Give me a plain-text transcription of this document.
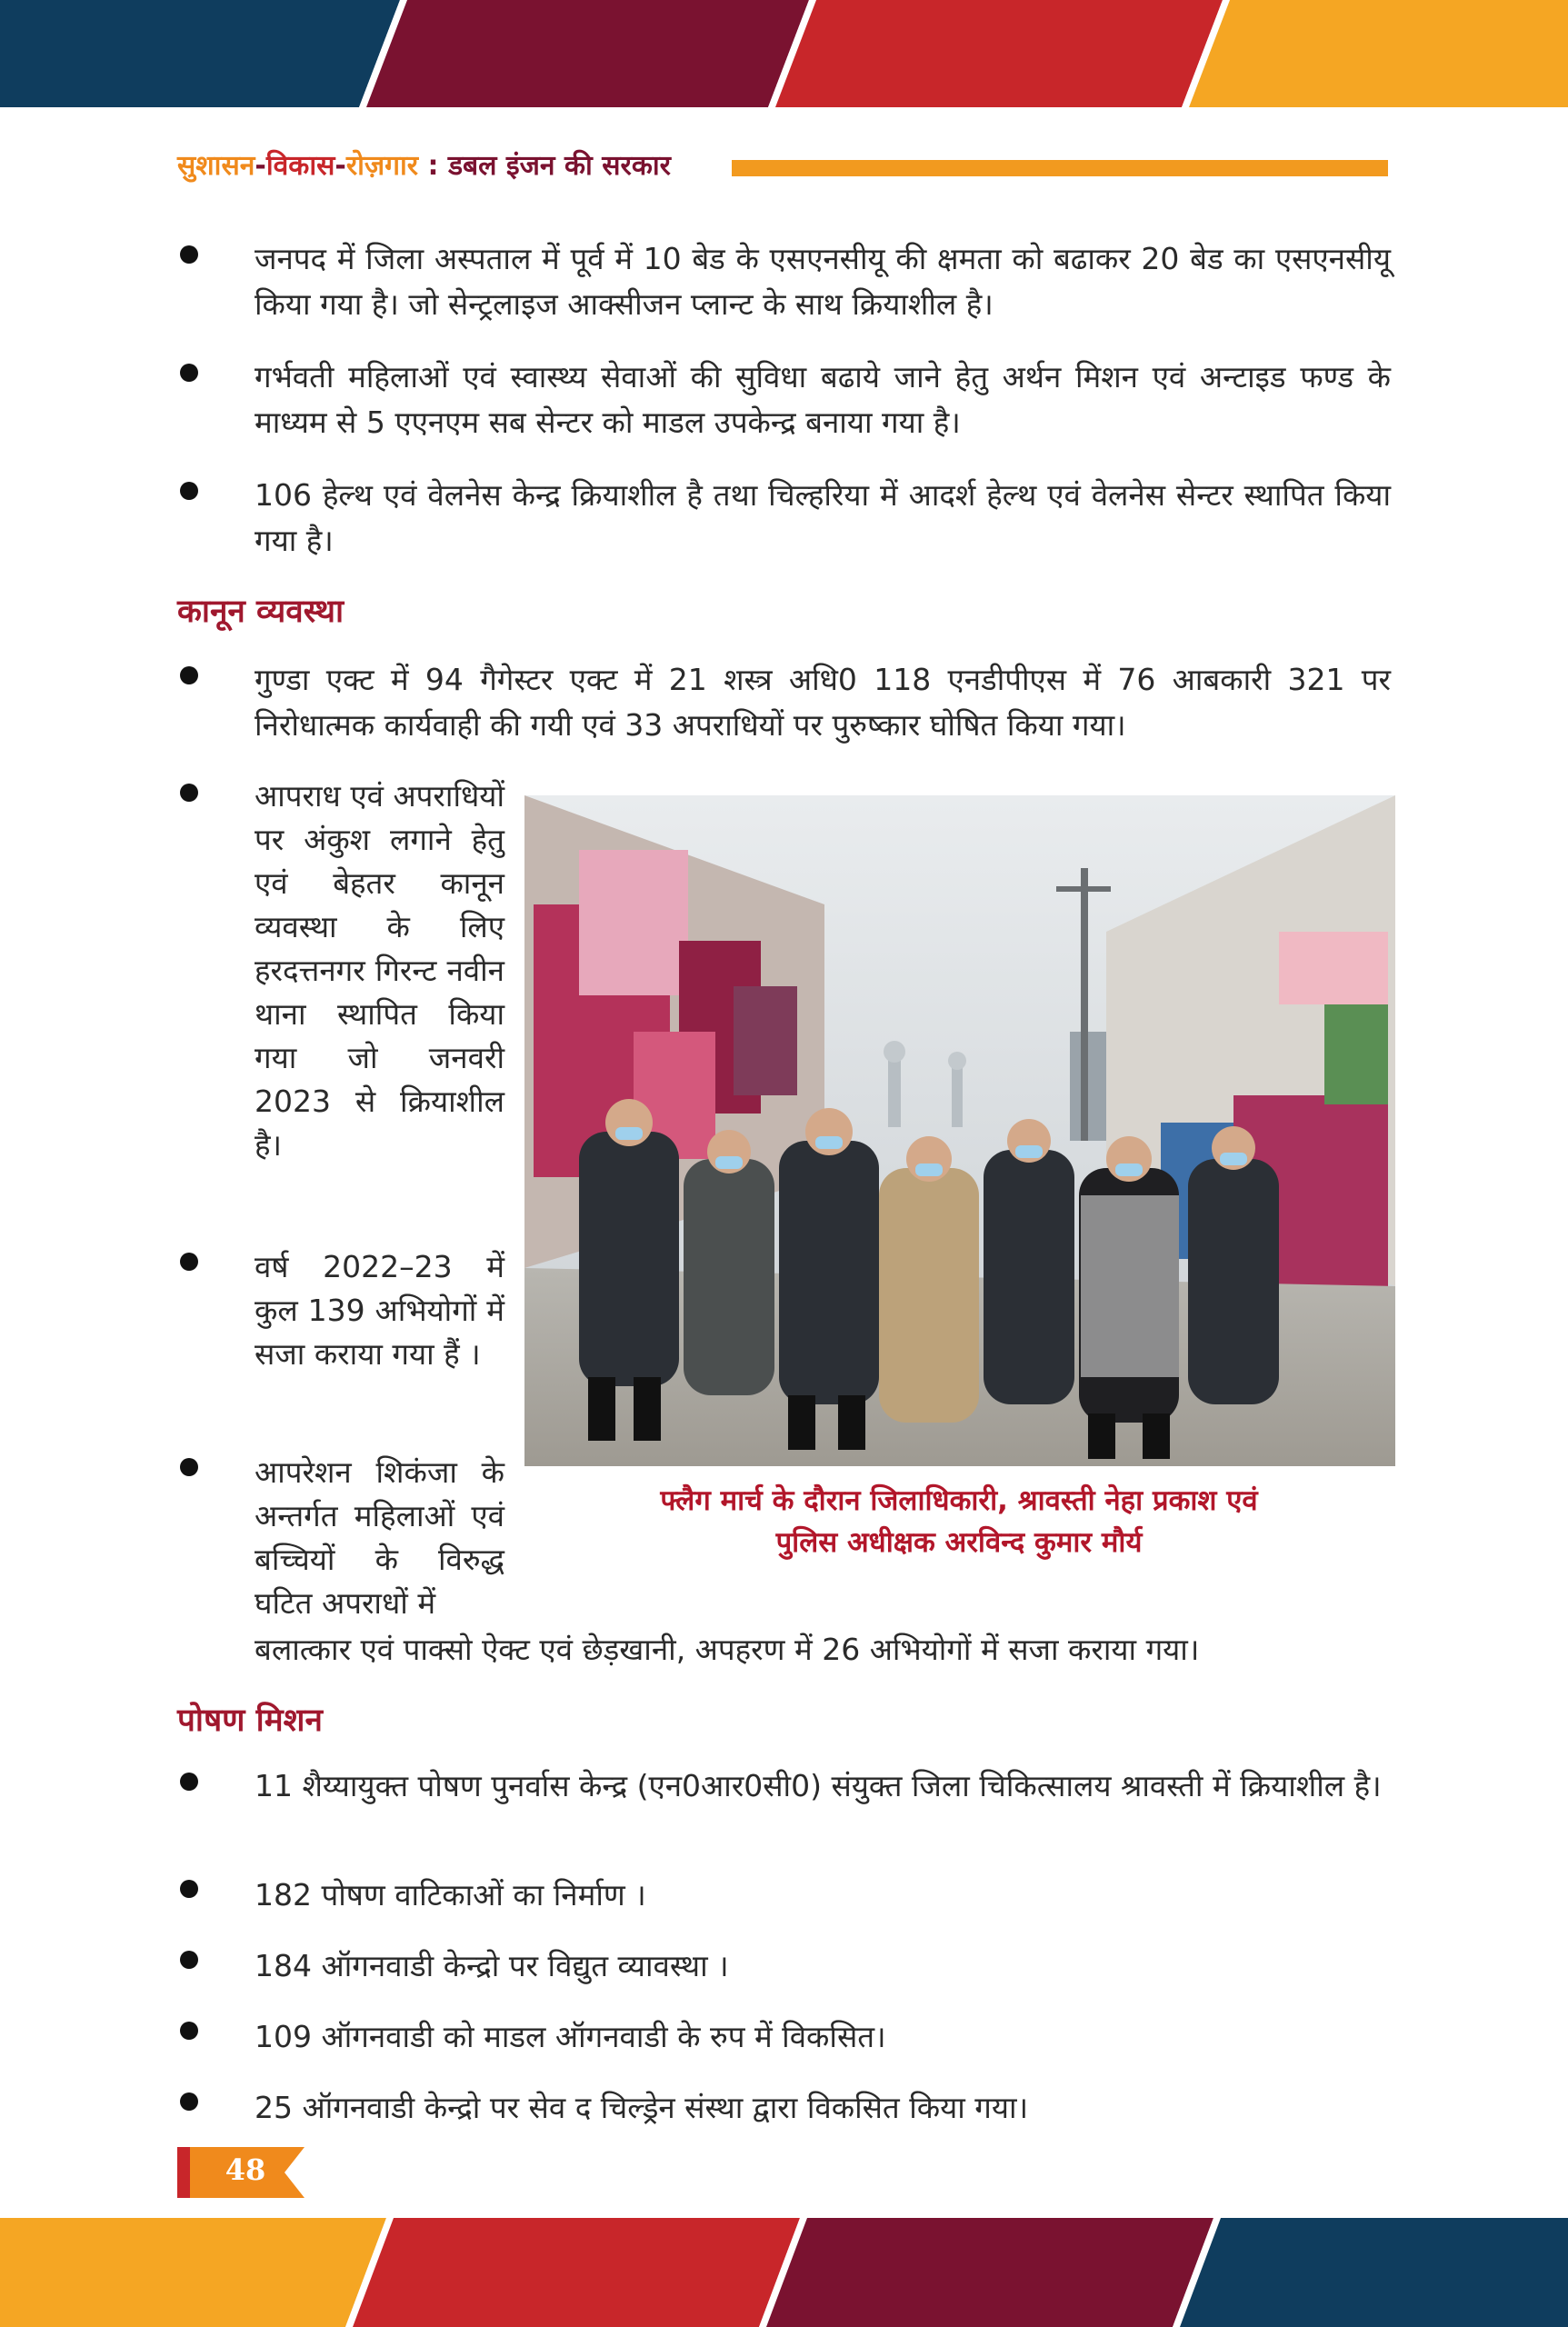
सुशासन-विकास-रोज़गार : डबल इंजन की सरकार
जनपद में जिला अस्पताल में पूर्व में 10 बेड के एसएनसीयू की क्षमता को बढाकर 20 बेड का एसएनसीयू किया गया है। जो सेन्ट्रलाइज आक्सीजन प्लान्ट के साथ क्रियाशील है।
गर्भवती महिलाओं एवं स्वास्थ्य सेवाओं की सुविधा बढाये जाने हेतु अर्थन मिशन एवं अन्टाइड फण्ड के माध्यम से 5 एएनएम सब सेन्टर को माडल उपकेन्द्र बनाया गया है।
106 हेल्थ एवं वेलनेस केन्द्र क्रियाशील है तथा चिल्हरिया में आदर्श हेल्थ एवं वेलनेस सेन्टर स्थापित किया गया है।
कानून व्यवस्था
गुण्डा एक्ट में 94 गैगेस्टर एक्ट में 21 शस्त्र अधि0 118 एनडीपीएस में 76 आबकारी 321 पर निरोधात्मक कार्यवाही की गयी एवं 33 अपराधियों पर पुरुष्कार घोषित किया गया।
आपराध एवं अपराधियों पर अंकुश लगाने हेतु एवं बेहतर कानून व्यवस्था के लिए हरदत्तनगर गिरन्ट नवीन थाना स्थापित किया गया जो जनवरी 2023 से क्रियाशील है।
वर्ष 2022–23 में कुल 139 अभियोगों में सजा कराया गया हैं ।
आपरेशन शिकंजा के अन्तर्गत महिलाओं एवं बच्चियों के विरुद्ध घटित अपराधों में
बलात्कार एवं पाक्सो ऐक्ट एवं छेड़खानी, अपहरण में 26 अभियोगों में सजा कराया गया।
फ्लैग मार्च के दौरान जिलाधिकारी, श्रावस्ती नेहा प्रकाश एवं
पुलिस अधीक्षक अरविन्द कुमार मौर्य
पोषण मिशन
11 शैय्यायुक्त पोषण पुनर्वास केन्द्र (एन0आर0सी0) संयुक्त जिला चिकित्सालय श्रावस्ती में क्रियाशील है।
182 पोषण वाटिकाओं का निर्माण ।
184 ऑगनवाडी केन्द्रो पर विद्युत व्यावस्था ।
109 ऑगनवाडी को माडल ऑगनवाडी के रुप में विकसित।
25 ऑगनवाडी केन्द्रो पर सेव द चिल्ड्रेन संस्था द्वारा विकसित किया गया।
48
